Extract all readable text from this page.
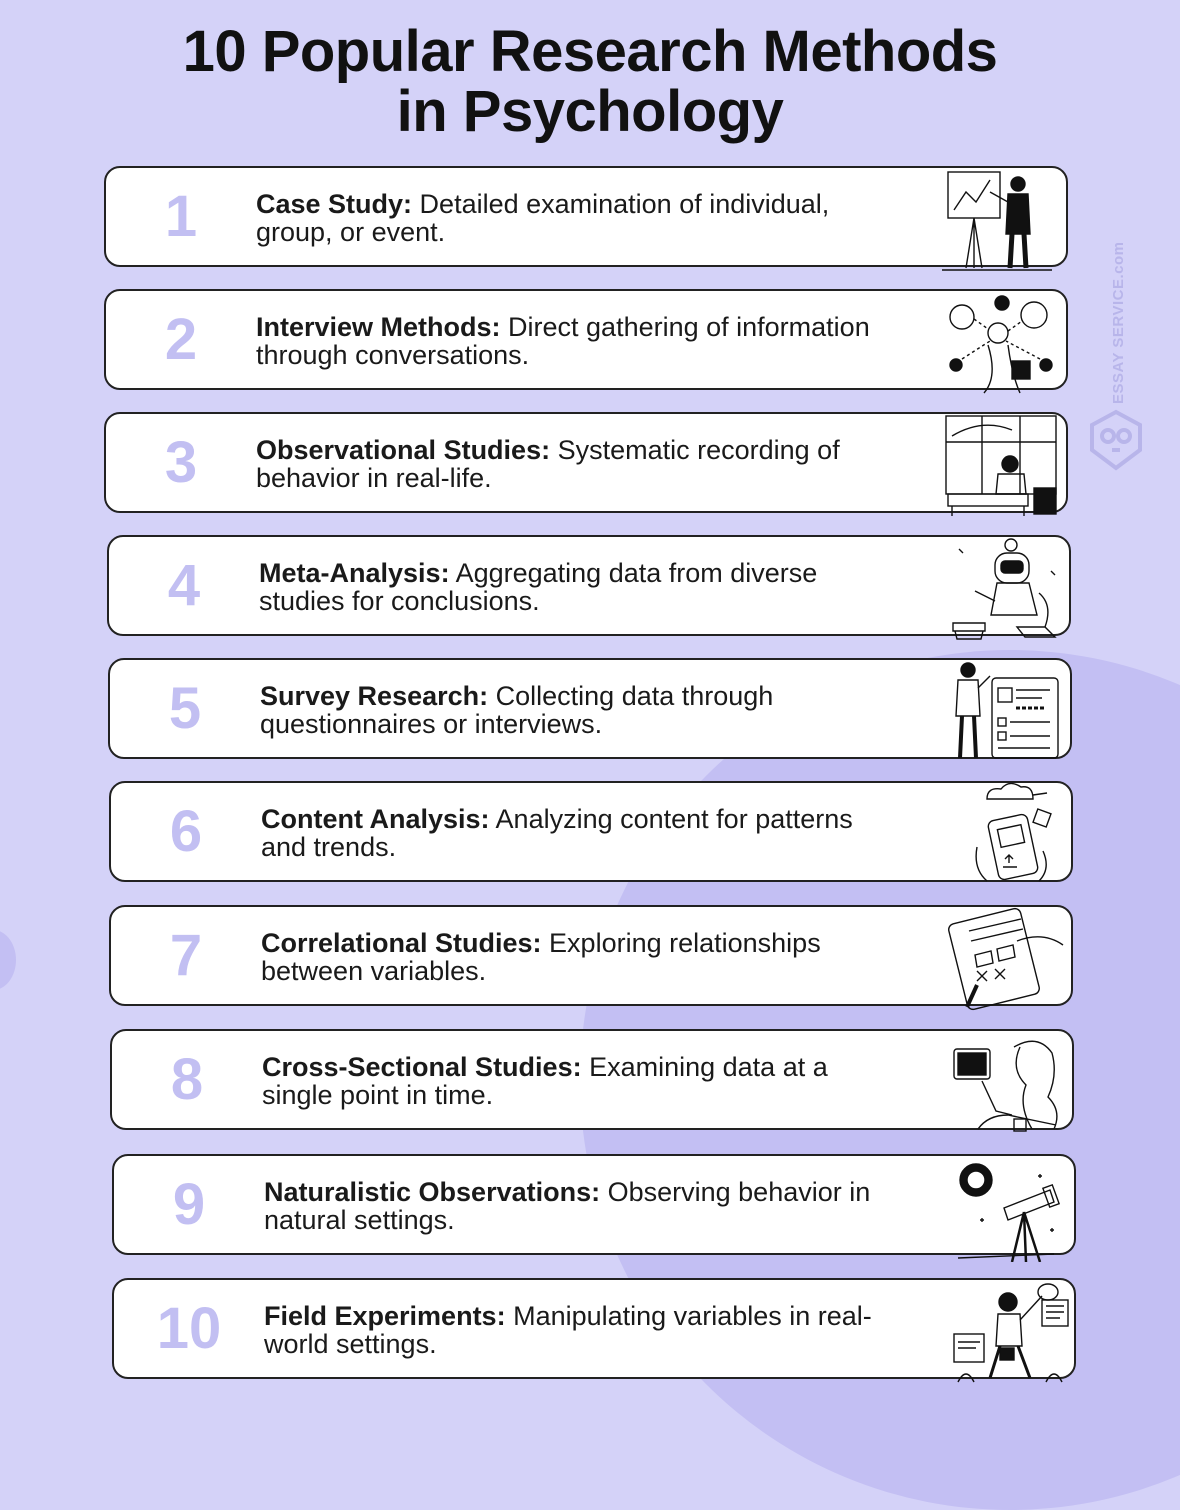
10 Popular Research Methods
in Psychology
ESSAY SERVICE.com
1	Case Study: Detailed examination of individual, group, or event.
2	Interview Methods: Direct gathering of information through conversations.
3	Observational Studies: Systematic recording of behavior in real-life.
4	Meta-Analysis: Aggregating data from diverse studies for conclusions.
5	Survey Research: Collecting data through questionnaires or interviews.
6	Content Analysis: Analyzing content for patterns and trends.
7	Correlational Studies: Exploring relationships between variables.
8	Cross-Sectional Studies: Examining data at a single point in time.
9	Naturalistic Observations: Observing behavior in natural settings.
10	Field Experiments: Manipulating variables in real-world settings.
